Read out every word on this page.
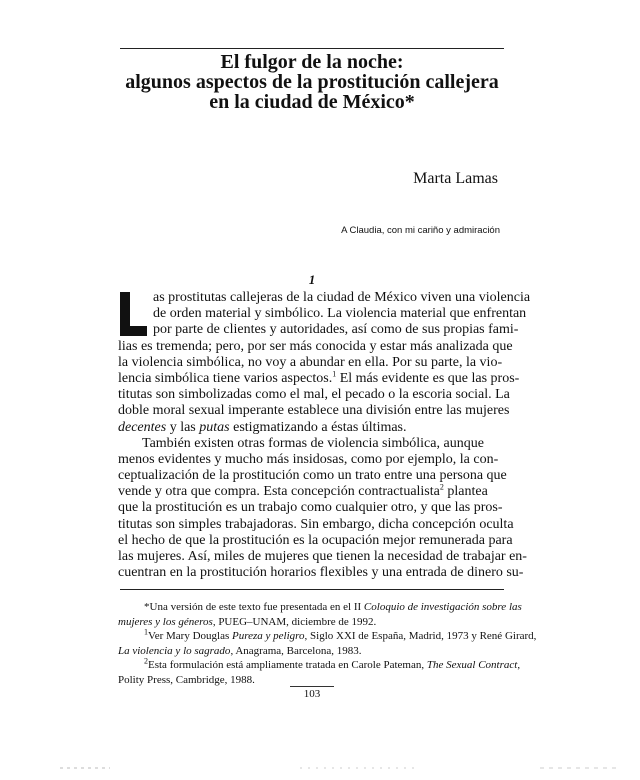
El fulgor de la noche:
algunos aspectos de la prostitución callejera
en la ciudad de México*
Marta Lamas
A Claudia, con mi cariño y admiración
1
as prostitutas callejeras de la ciudad de México viven una violencia
de orden material y simbólico. La violencia material que enfrentan
por parte de clientes y autoridades, así como de sus propias fami-
lias es tremenda; pero, por ser más conocida y estar más analizada que
la violencia simbólica, no voy a abundar en ella. Por su parte, la vio-
lencia simbólica tiene varios aspectos.$^1$ El más evidente es que las pros-
titutas son simbolizadas como el mal, el pecado o la escoria social. La
doble moral sexual imperante establece una división entre las mujeres
decentes y las putas estigmatizando a éstas últimas.
También existen otras formas de violencia simbólica, aunque
menos evidentes y mucho más insidosas, como por ejemplo, la con-
ceptualización de la prostitución como un trato entre una persona que
vende y otra que compra. Esta concepción contractualista$^2$ plantea
que la prostitución es un trabajo como cualquier otro, y que las pros-
titutas son simples trabajadoras. Sin embargo, dicha concepción oculta
el hecho de que la prostitución es la ocupación mejor remunerada para
las mujeres. Así, miles de mujeres que tienen la necesidad de trabajar en-
cuentran en la prostitución horarios flexibles y una entrada de dinero su-
*Una versión de este texto fue presentada en el II Coloquio de investigación sobre las
mujeres y los géneros, PUEG–UNAM, diciembre de 1992.
$^1$Ver Mary Douglas Pureza y peligro, Siglo XXI de España, Madrid, 1973 y René Girard,
La violencia y lo sagrado, Anagrama, Barcelona, 1983.
$^2$Esta formulación está ampliamente tratada en Carole Pateman, The Sexual Contract,
Polity Press, Cambridge, 1988.
103
